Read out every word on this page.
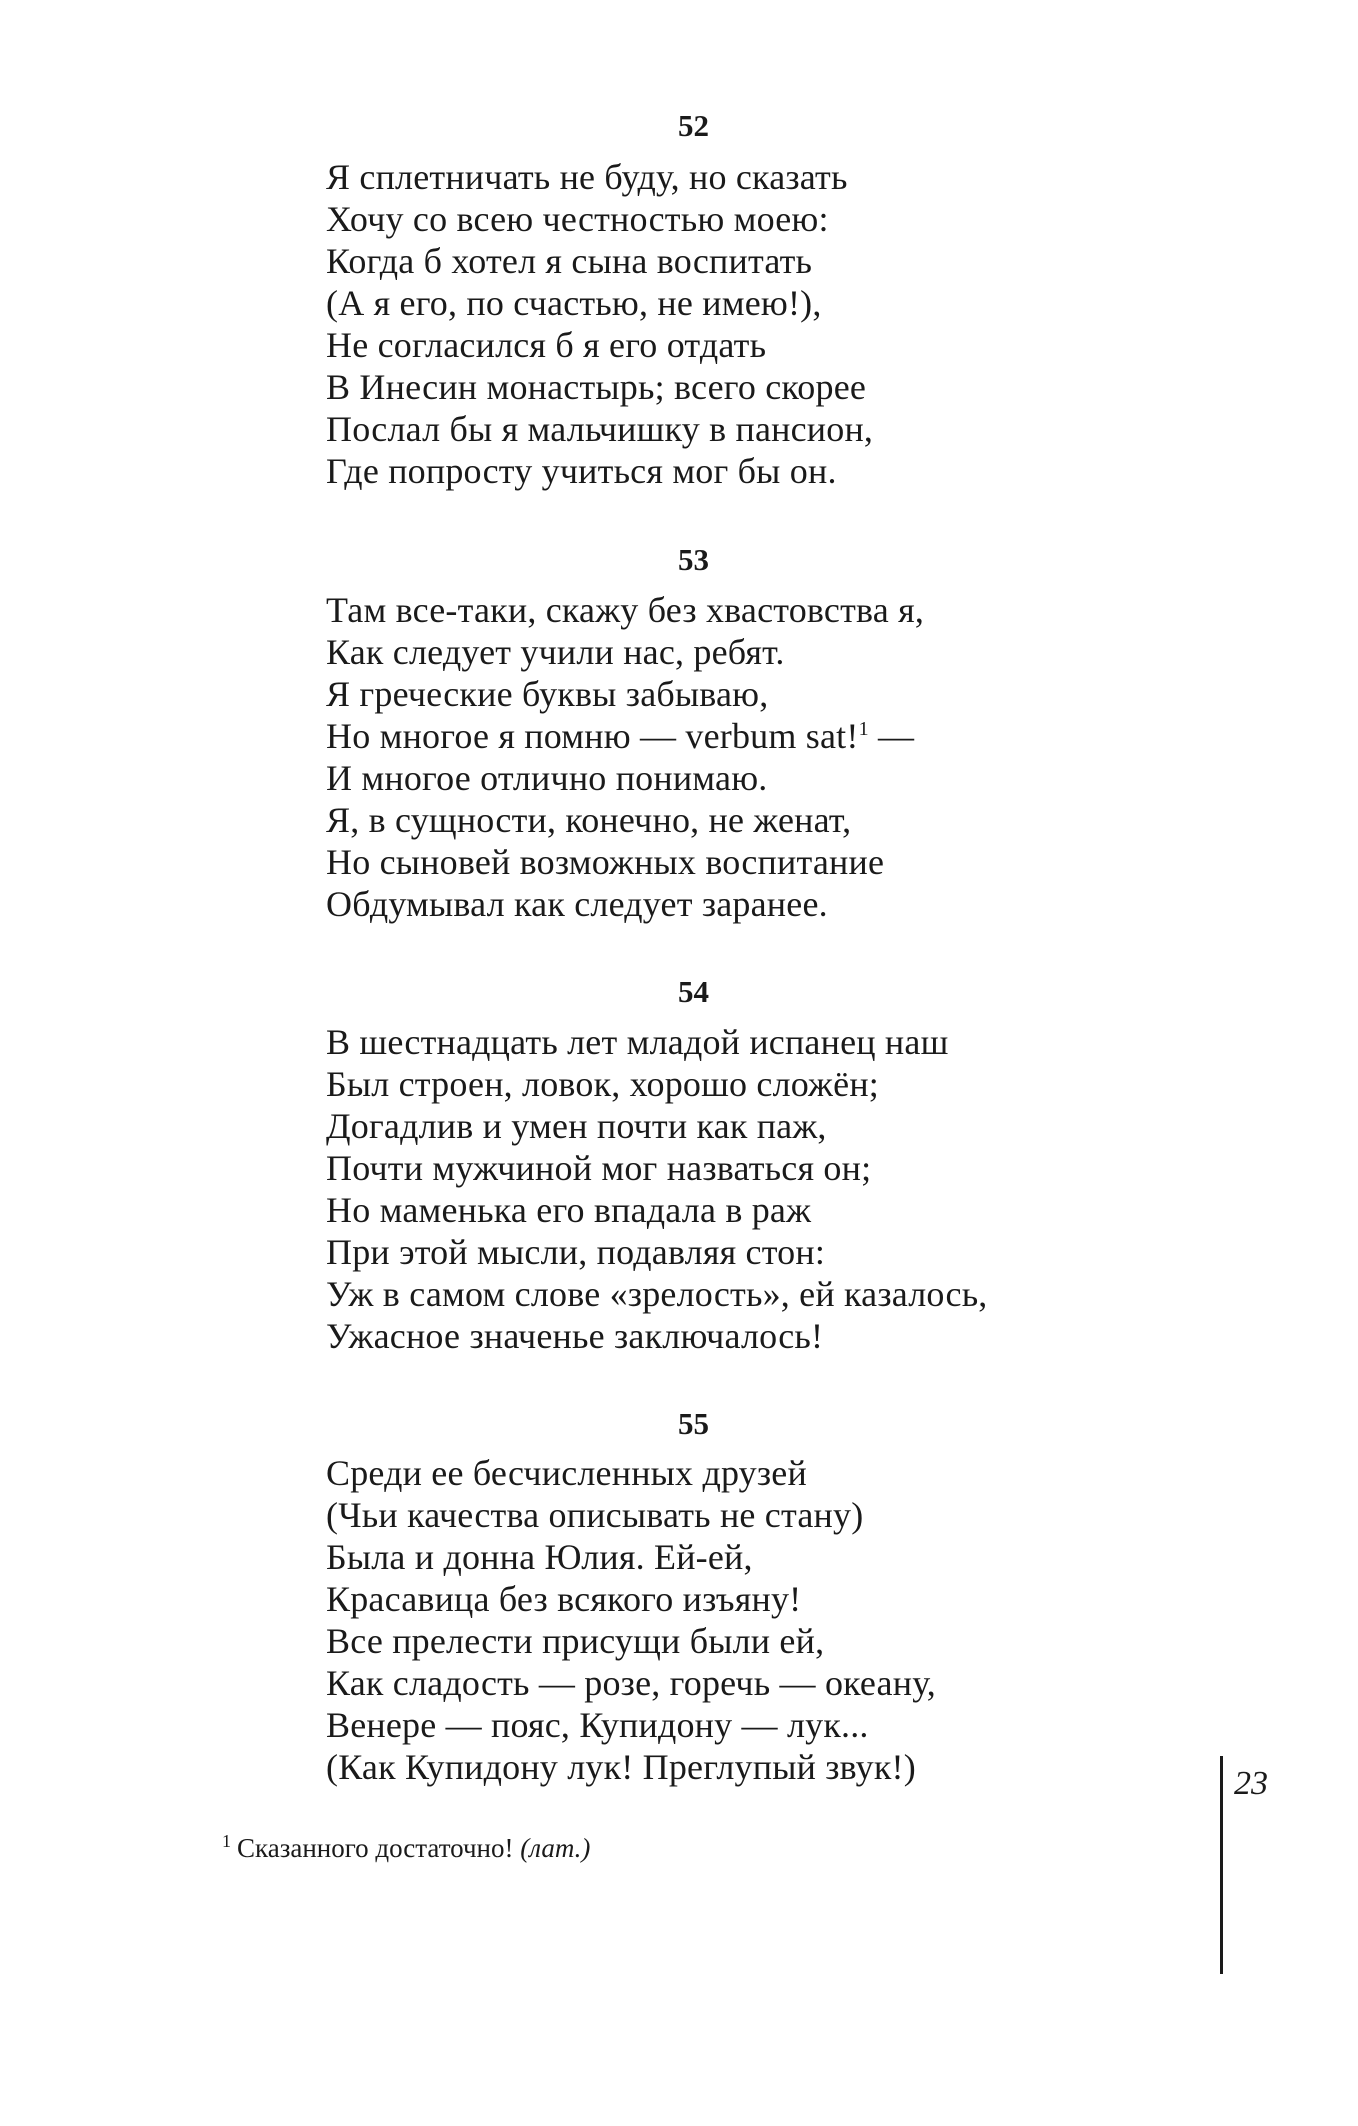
52
Я сплетничать не буду, но сказать
Хочу со всею честностью моею:
Когда б хотел я сына воспитать
(А я его, по счастью, не имею!),
Не согласился б я его отдать
В Инесин монастырь; всего скорее
Послал бы я мальчишку в пансион,
Где попросту учиться мог бы он.
53
Там все-таки, скажу без хвастовства я,
Как следует учили нас, ребят.
Я греческие буквы забываю,
Но многое я помню — verbum sat!$^1$ —
И многое отлично понимаю.
Я, в сущности, конечно, не женат,
Но сыновей возможных воспитание
Обдумывал как следует заранее.
54
В шестнадцать лет младой испанец наш
Был строен, ловок, хорошо сложён;
Догадлив и умен почти как паж,
Почти мужчиной мог назваться он;
Но маменька его впадала в раж
При этой мысли, подавляя стон:
Уж в самом слове «зрелость», ей казалось,
Ужасное значенье заключалось!
55
Среди ее бесчисленных друзей
(Чьи качества описывать не стану)
Была и донна Юлия. Ей-ей,
Красавица без всякого изъяну!
Все прелести присущи были ей,
Как сладость — розе, горечь — океану,
Венере — пояс, Купидону — лук...
(Как Купидону лук! Преглупый звук!)
$^1$ Сказанного достаточно! (лат.)
23
